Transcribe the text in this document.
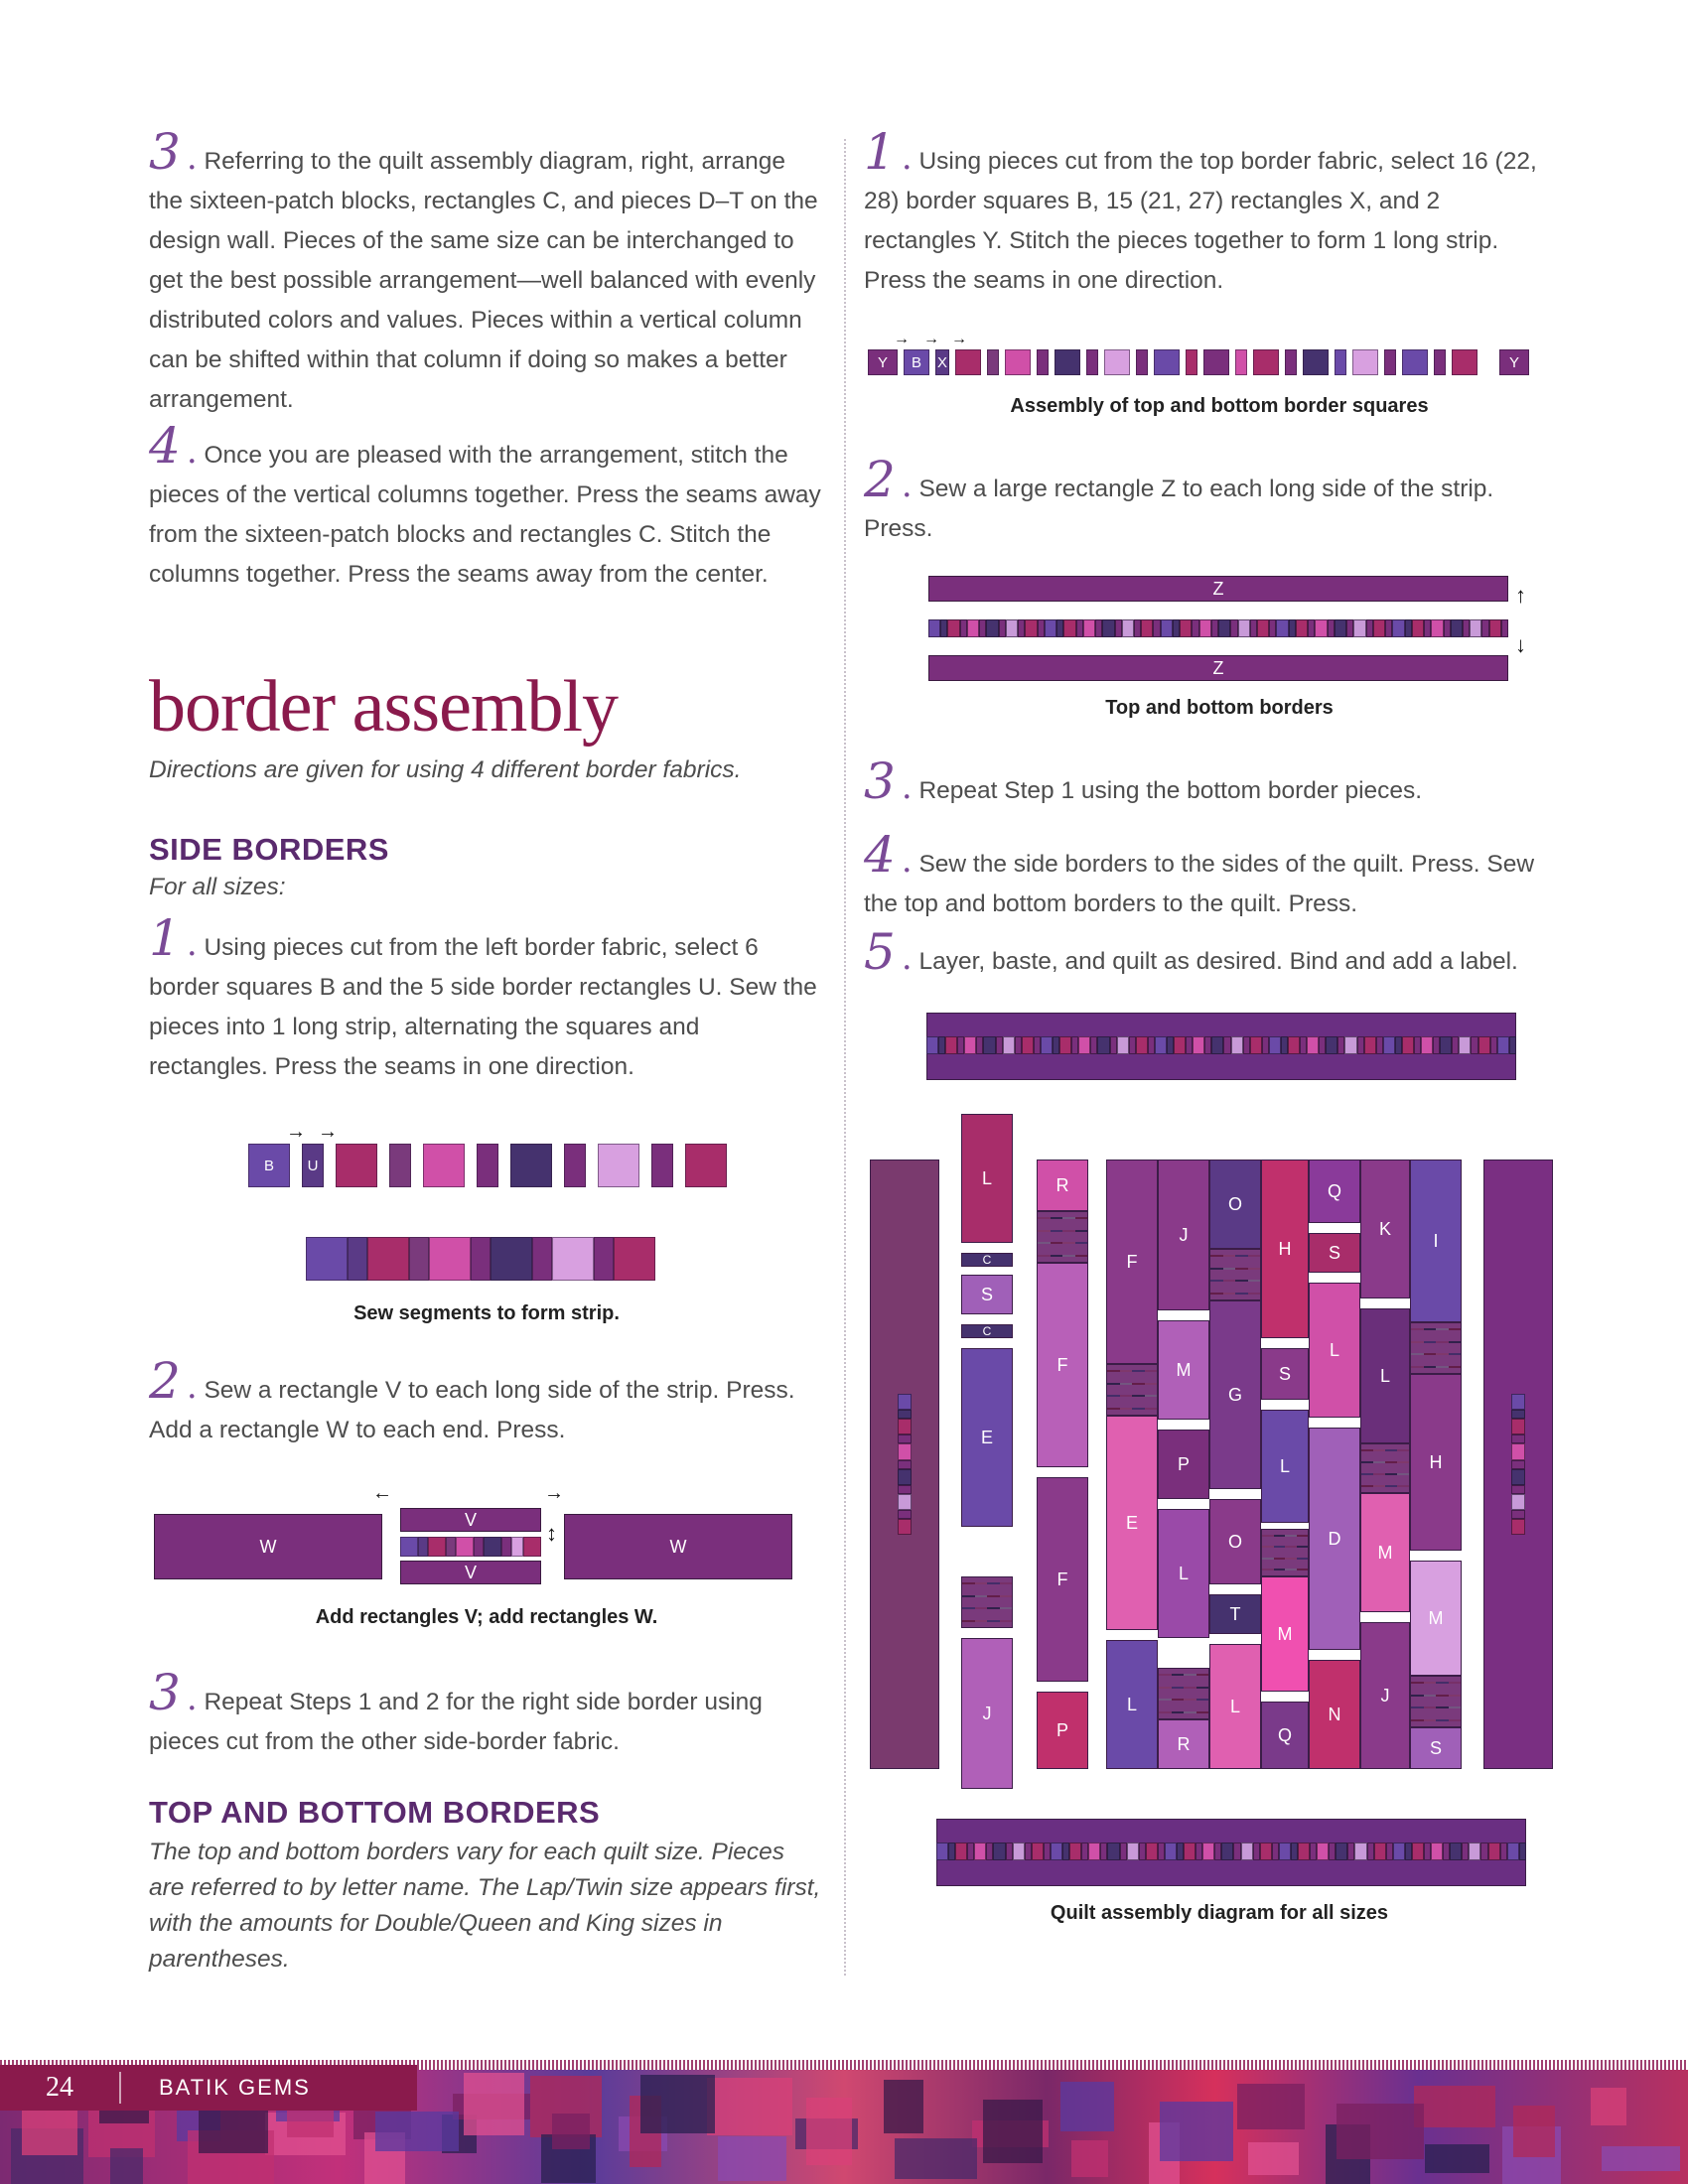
3 . Referring to the quilt assembly diagram, right, arrange the sixteen-patch blocks, rectangles C, and pieces D–T on the design wall. Pieces of the same size can be interchanged to get the best possible arrangement—well balanced with evenly distributed colors and values. Pieces within a vertical column can be shifted within that column if doing so makes a better arrangement.

4 . Once you are pleased with the arrangement, stitch the pieces of the vertical columns together. Press the seams away from the sixteen-patch blocks and rectangles C. Stitch the columns together. Press the seams away from the center.

border assembly

Directions are given for using 4 different border fabrics.

SIDE BORDERS

For all sizes:

1 . Using pieces cut from the left border fabric, select 6 border squares B and the 5 side border rectangles U. Sew the pieces into 1 long strip, alternating the squares and rectangles. Press the seams in one direction.

→ →
B	U
Sew segments to form strip.

2 . Sew a rectangle V to each long side of the strip. Press. Add a rectangle W to each end. Press.

←	→
W
V
V
↕
W
Add rectangles V; add rectangles W.

3 . Repeat Steps 1 and 2 for the right side border using pieces cut from the other side-border fabric.

TOP AND BOTTOM BORDERS

The top and bottom borders vary for each quilt size. Pieces are referred to by letter name. The Lap/Twin size appears first, with the amounts for Double/Queen and King sizes in parentheses.

1 . Using pieces cut from the top border fabric, select 16 (22, 28) border squares B, 15 (21, 27) rectangles X, and 2 rectangles Y. Stitch the pieces together to form 1 long strip. Press the seams in one direction.

→ → →
Y	B	X	Y
Assembly of top and bottom border squares

2 . Sew a large rectangle Z to each long side of the strip. Press.

Z
Z
↑
↓
Top and bottom borders

3 . Repeat Step 1 using the bottom border pieces.

4 . Sew the side borders to the sides of the quilt. Press. Sew the top and bottom borders to the quilt. Press.

5 . Layer, baste, and quilt as desired. Bind and add a label.

L
C
S
C
E
J
R
F
F
P
F
E
L
J
M
P
L
R
O
G
O
T
L
H
S
L
M
Q
Q
S
L
D
N
K
L
M
J
I
H
M
S
Quilt assembly diagram for all sizes
24	BATIK GEMS
